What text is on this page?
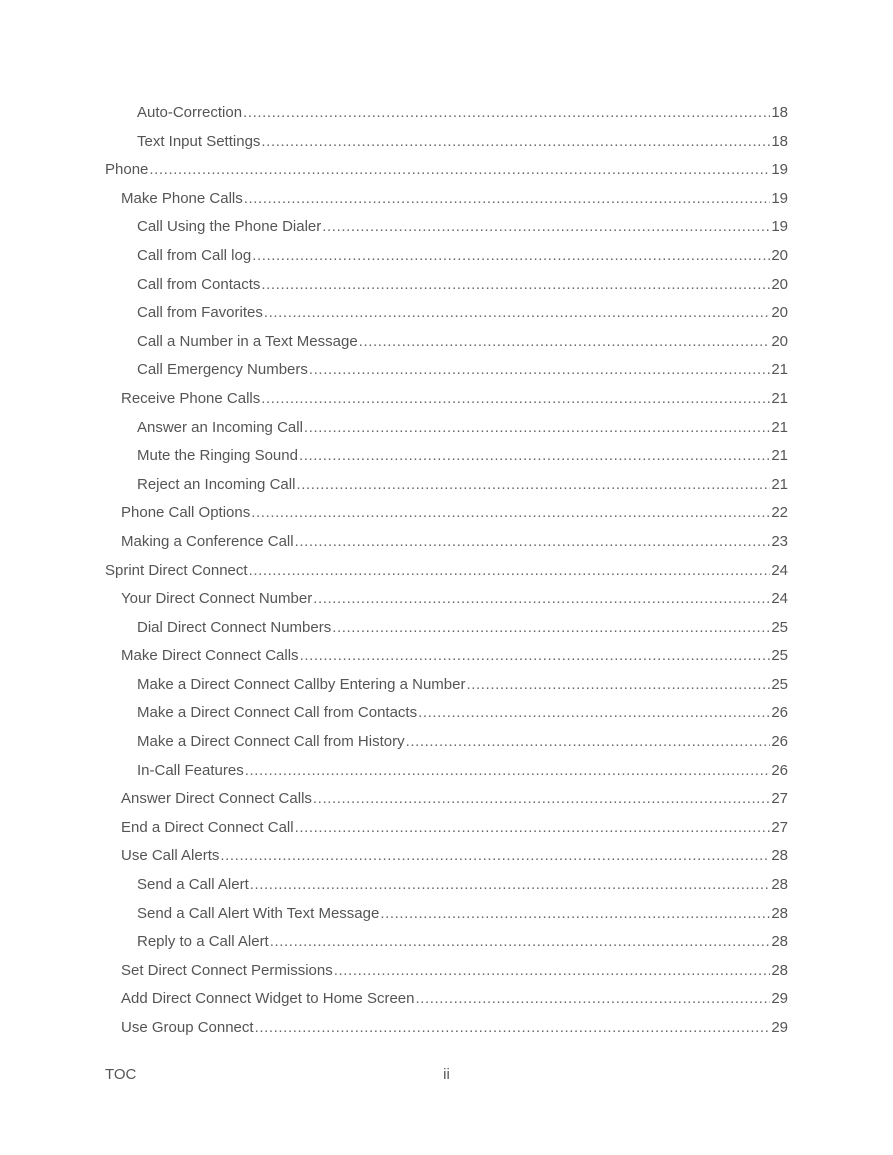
Auto-Correction .....	18
Text Input Settings .....	18
Phone .....	19
Make Phone Calls .....	19
Call Using the Phone Dialer .....	19
Call from Call log .....	20
Call from Contacts .....	20
Call from Favorites .....	20
Call a Number in a Text Message .....	20
Call Emergency Numbers .....	21
Receive Phone Calls .....	21
Answer an Incoming Call .....	21
Mute the Ringing Sound .....	21
Reject an Incoming Call .....	21
Phone Call Options .....	22
Making a Conference Call .....	23
Sprint Direct Connect .....	24
Your Direct Connect Number .....	24
Dial Direct Connect Numbers .....	25
Make Direct Connect Calls .....	25
Make a Direct Connect Callby Entering a Number .....	25
Make a Direct Connect Call from Contacts .....	26
Make a Direct Connect Call from History .....	26
In-Call Features .....	26
Answer Direct Connect Calls .....	27
End a Direct Connect Call .....	27
Use Call Alerts .....	28
Send a Call Alert .....	28
Send a Call Alert With Text Message .....	28
Reply to a Call Alert .....	28
Set Direct Connect Permissions .....	28
Add Direct Connect Widget to Home Screen .....	29
Use Group Connect .....	29
TOC	ii
